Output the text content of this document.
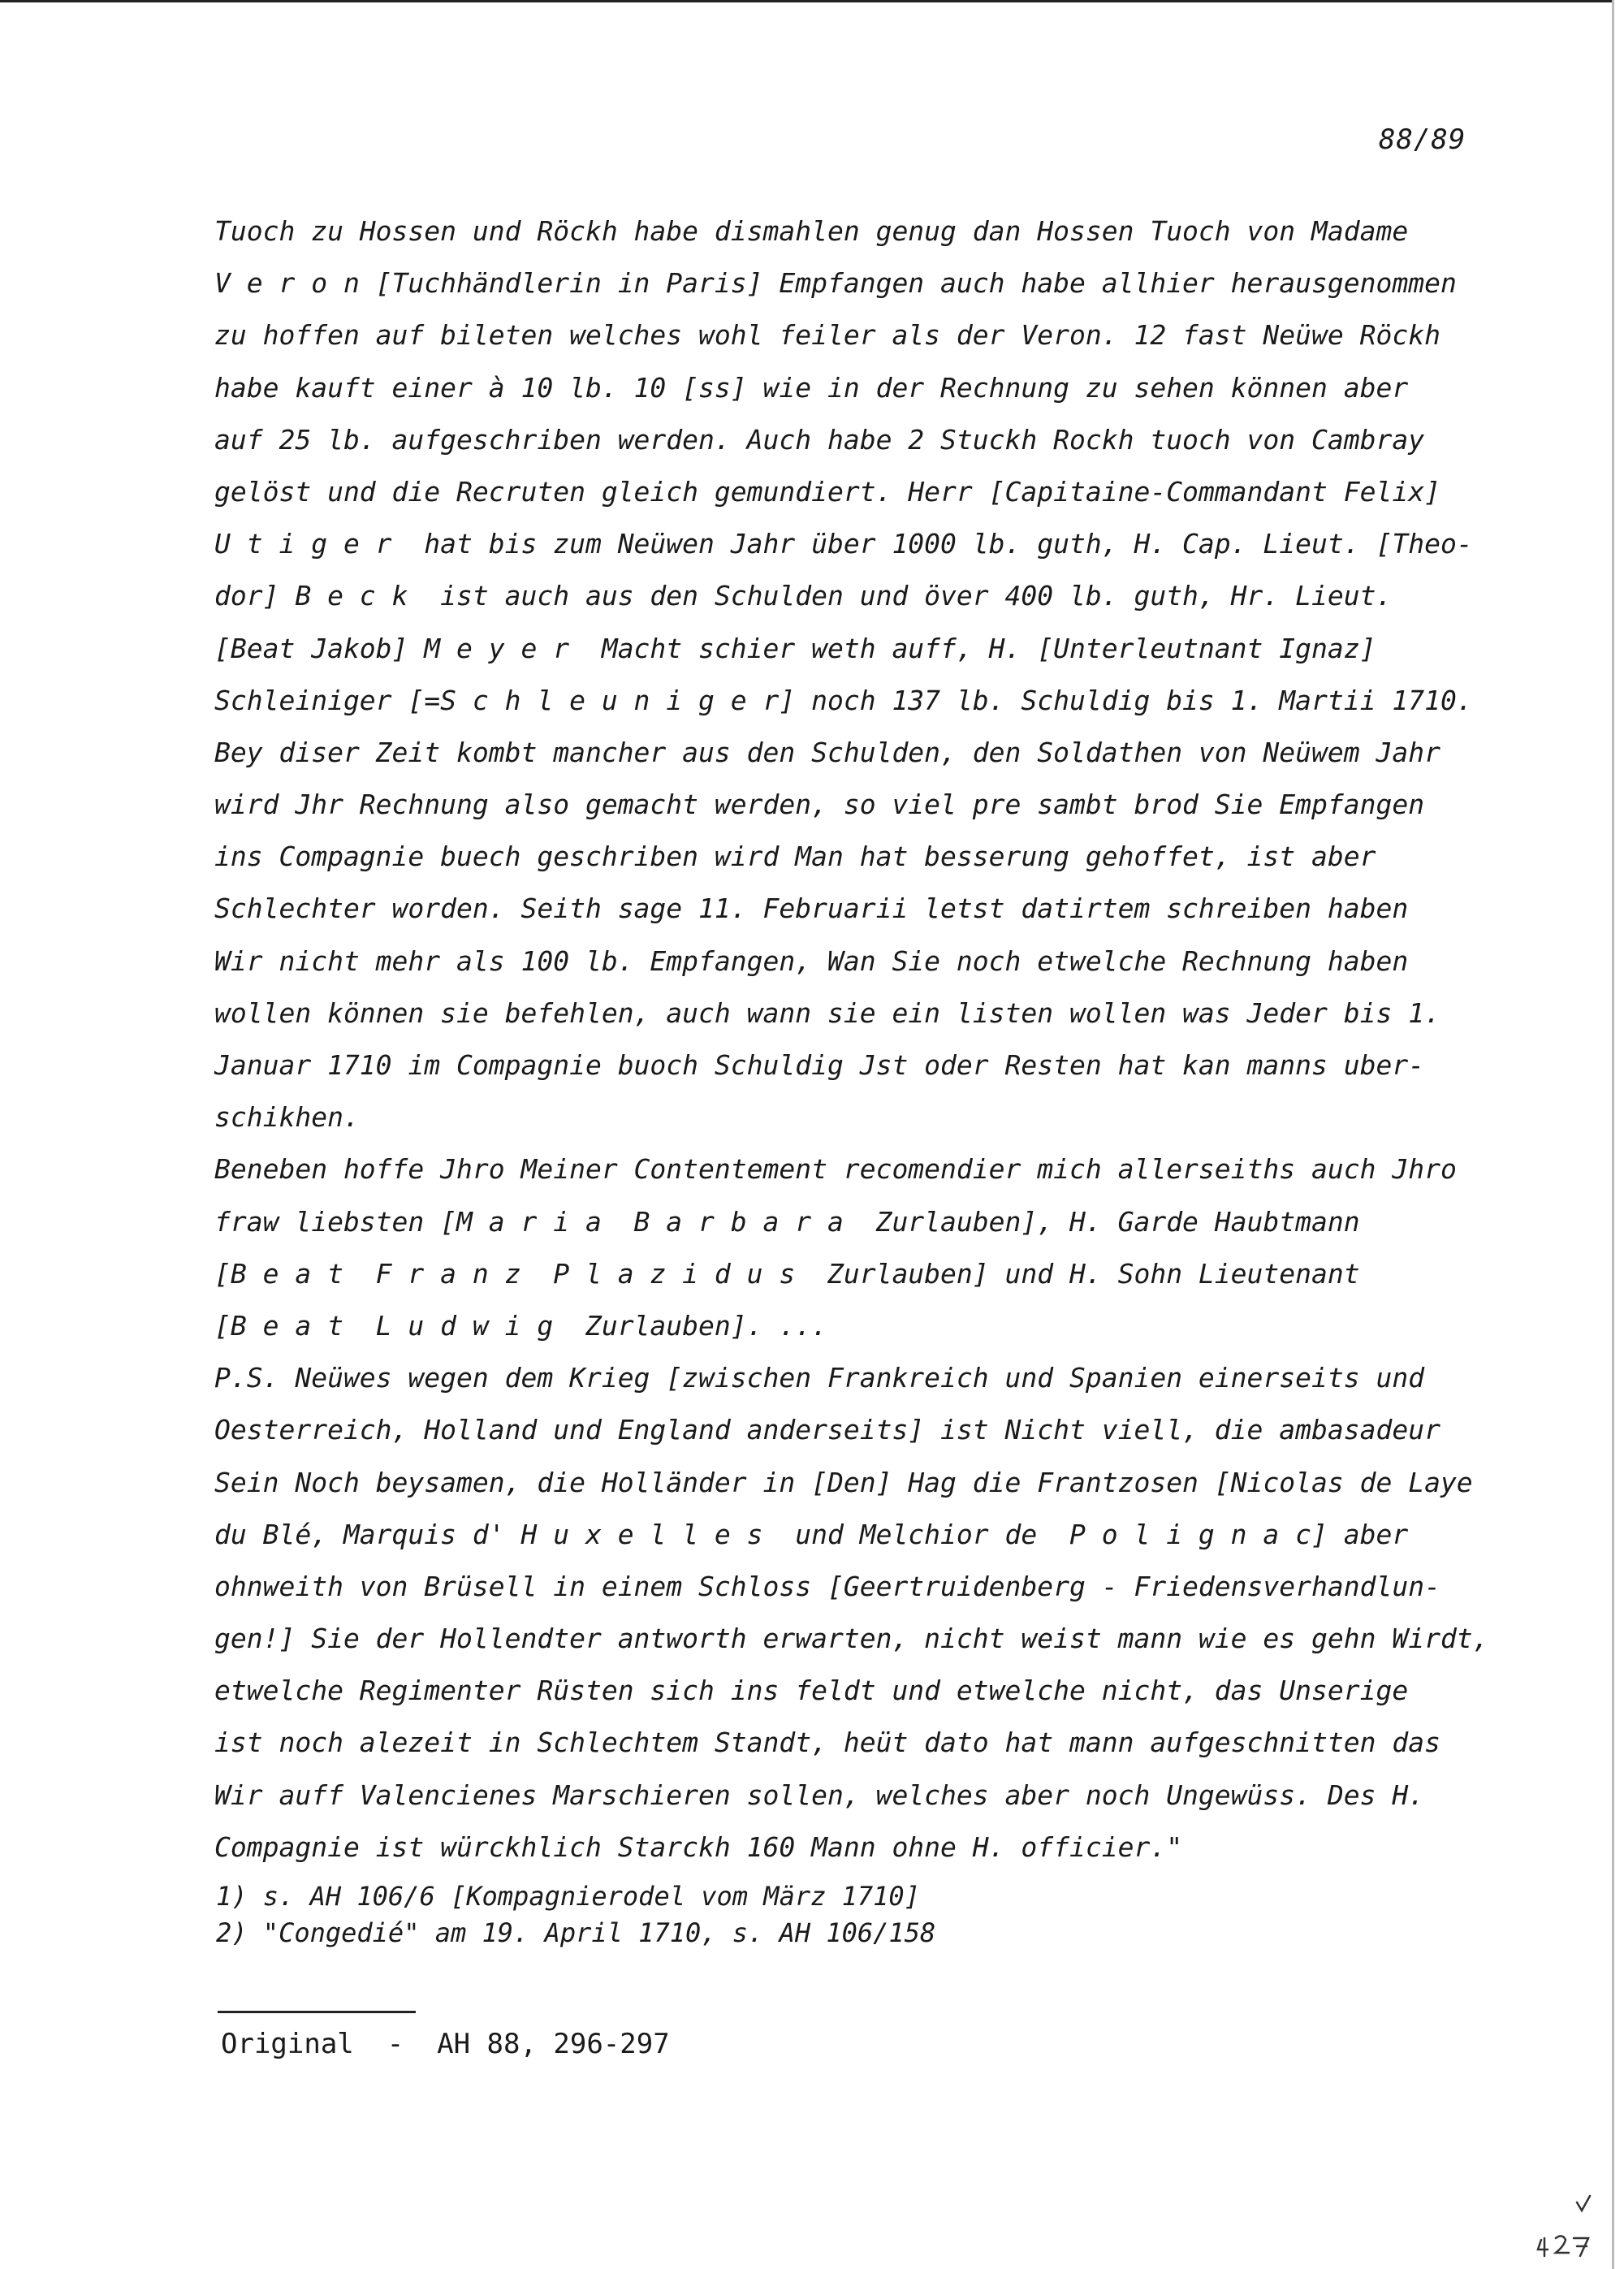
88/89
Tuoch zu Hossen und Röckh habe dismahlen genug dan Hossen Tuoch von Madame
V e r o n [Tuchhändlerin in Paris] Empfangen auch habe allhier herausgenommen
zu hoffen auf bileten welches wohl feiler als der Veron. 12 fast Neüwe Röckh
habe kauft einer à 10 lb. 10 [ss] wie in der Rechnung zu sehen können aber
auf 25 lb. aufgeschriben werden. Auch habe 2 Stuckh Rockh tuoch von Cambray
gelöst und die Recruten gleich gemundiert. Herr [Capitaine-Commandant Felix]
U t i g e r  hat bis zum Neüwen Jahr über 1000 lb. guth, H. Cap. Lieut. [Theo-
dor] B e c k  ist auch aus den Schulden und över 400 lb. guth, Hr. Lieut.
[Beat Jakob] M e y e r  Macht schier weth auff, H. [Unterleutnant Ignaz]
Schleiniger [=S c h l e u n i g e r] noch 137 lb. Schuldig bis 1. Martii 1710.
Bey diser Zeit kombt mancher aus den Schulden, den Soldathen von Neüwem Jahr
wird Jhr Rechnung also gemacht werden, so viel pre sambt brod Sie Empfangen
ins Compagnie buech geschriben wird Man hat besserung gehoffet, ist aber
Schlechter worden. Seith sage 11. Februarii letst datirtem schreiben haben
Wir nicht mehr als 100 lb. Empfangen, Wan Sie noch etwelche Rechnung haben
wollen können sie befehlen, auch wann sie ein listen wollen was Jeder bis 1.
Januar 1710 im Compagnie buoch Schuldig Jst oder Resten hat kan manns uber-
schikhen.
Beneben hoffe Jhro Meiner Contentement recomendier mich allerseiths auch Jhro
fraw liebsten [M a r i a  B a r b a r a  Zurlauben], H. Garde Haubtmann
[B e a t  F r a n z  P l a z i d u s  Zurlauben] und H. Sohn Lieutenant
[B e a t  L u d w i g  Zurlauben]. ...
P.S. Neüwes wegen dem Krieg [zwischen Frankreich und Spanien einerseits und
Oesterreich, Holland und England anderseits] ist Nicht viell, die ambasadeur
Sein Noch beysamen, die Holländer in [Den] Hag die Frantzosen [Nicolas de Laye
du Blé, Marquis d' H u x e l l e s  und Melchior de  P o l i g n a c] aber
ohnweith von Brüsell in einem Schloss [Geertruidenberg - Friedensverhandlun-
gen!] Sie der Hollendter antworth erwarten, nicht weist mann wie es gehn Wirdt,
etwelche Regimenter Rüsten sich ins feldt und etwelche nicht, das Unserige
ist noch alezeit in Schlechtem Standt, heüt dato hat mann aufgeschnitten das
Wir auff Valencienes Marschieren sollen, welches aber noch Ungewüss. Des H.
Compagnie ist würckhlich Starckh 160 Mann ohne H. officier."
1) s. AH 106/6 [Kompagnierodel vom März 1710]
2) "Congedié" am 19. April 1710, s. AH 106/158
Original  -  AH 88, 296-297
